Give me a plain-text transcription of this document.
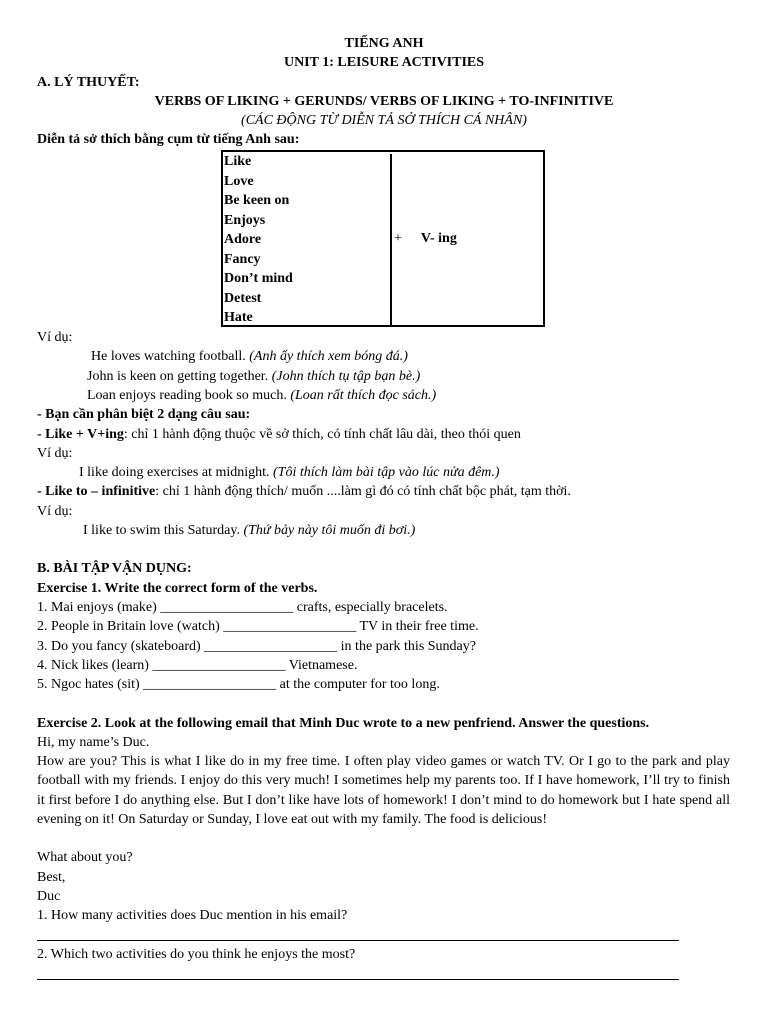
TIẾNG ANH
UNIT 1: LEISURE ACTIVITIES
A. LÝ THUYẾT:
VERBS OF LIKING + GERUNDS/ VERBS OF LIKING + TO-INFINITIVE
(CÁC ĐỘNG TỪ DIỄN TẢ SỞ THÍCH CÁ NHÂN)
Diễn tả sở thích bằng cụm từ tiếng Anh sau:
Like
Love
Be keen on
Enjoys
Adore
Fancy
Don’t mind
Detest
Hate
+ V- ing
Ví dụ:
He loves watching football. (Anh ấy thích xem bóng đá.)
John is keen on getting together. (John thích tụ tập bạn bè.)
Loan enjoys reading book so much. (Loan rất thích đọc sách.)
- Bạn cần phân biệt 2 dạng câu sau:
- Like + V+ing: chỉ 1 hành động thuộc về sở thích, có tính chất lâu dài, theo thói quen
Ví dụ:
I like doing exercises at midnight. (Tôi thích làm bài tập vào lúc nửa đêm.)
- Like to – infinitive: chỉ 1 hành động thích/ muốn ....làm gì đó có tính chất bộc phát, tạm thời.
Ví dụ:
I like to swim this Saturday. (Thứ bảy này tôi muốn đi bơi.)
B. BÀI TẬP VẬN DỤNG:
Exercise 1. Write the correct form of the verbs.
1. Mai enjoys (make) ___________________ crafts, especially bracelets.
2. People in Britain love (watch) ___________________ TV in their free time.
3. Do you fancy (skateboard) ___________________ in the park this Sunday?
4. Nick likes (learn) ___________________ Vietnamese.
5. Ngoc hates (sit) ___________________ at the computer for too long.
Exercise 2. Look at the following email that Minh Duc wrote to a new penfriend. Answer the questions.
Hi, my name’s Duc.
How are you? This is what I like do in my free time. I often play video games or watch TV. Or I go to the park and play football with my friends. I enjoy do this very much! I sometimes help my parents too. If I have homework, I’ll try to finish it first before I do anything else. But I don’t like have lots of homework! I don’t mind to do homework but I hate spend all evening on it! On Saturday or Sunday, I love eat out with my family. The food is delicious!
What about you?
Best,
Duc
1. How many activities does Duc mention in his email?
2. Which two activities do you think he enjoys the most?
